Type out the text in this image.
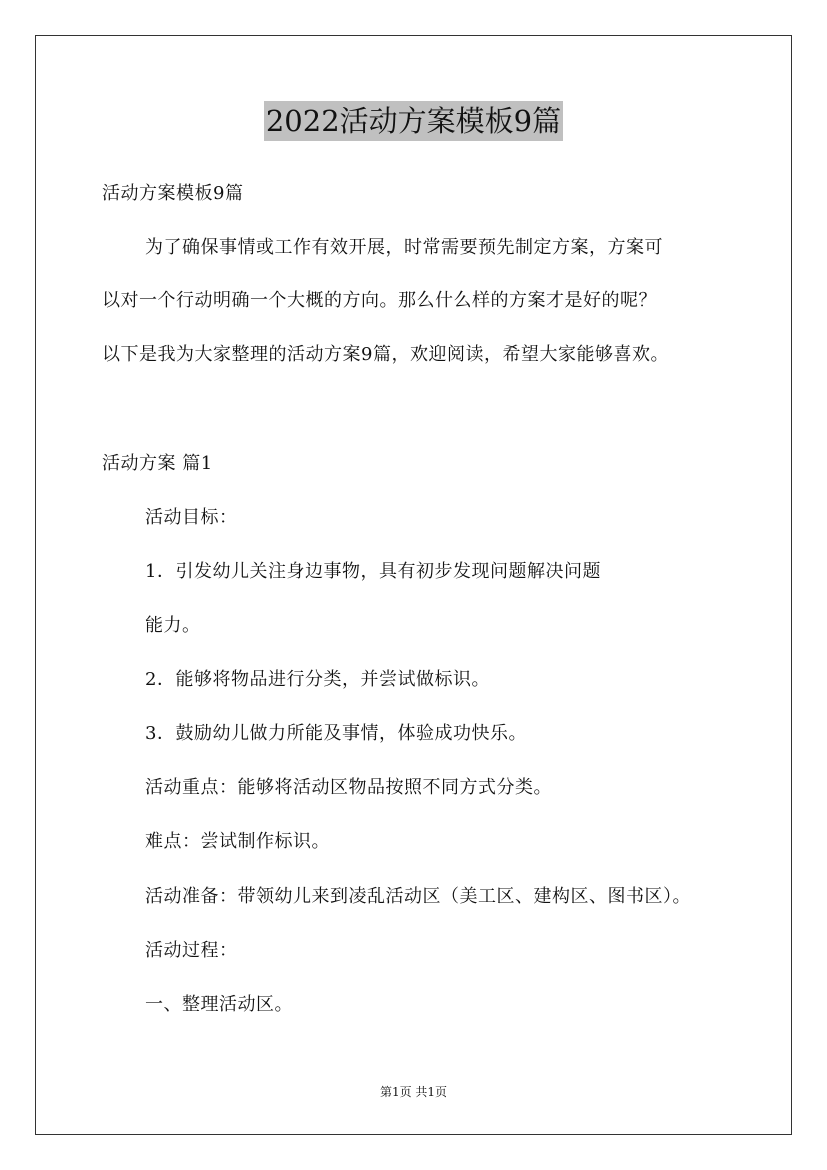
2022活动方案模板9篇
活动方案模板9篇
为了确保事情或工作有效开展，时常需要预先制定方案，方案可
以对一个行动明确一个大概的方向。那么什么样的方案才是好的呢？
以下是我为大家整理的活动方案9篇，欢迎阅读，希望大家能够喜欢。
活动方案 篇1
活动目标：
1．引发幼儿关注身边事物，具有初步发现问题解决问题
能力。
2．能够将物品进行分类，并尝试做标识。
3．鼓励幼儿做力所能及事情，体验成功快乐。
活动重点：能够将活动区物品按照不同方式分类。
难点：尝试制作标识。
活动准备：带领幼儿来到凌乱活动区（美工区、建构区、图书区）。
活动过程：
一、整理活动区。
第1页 共1页
